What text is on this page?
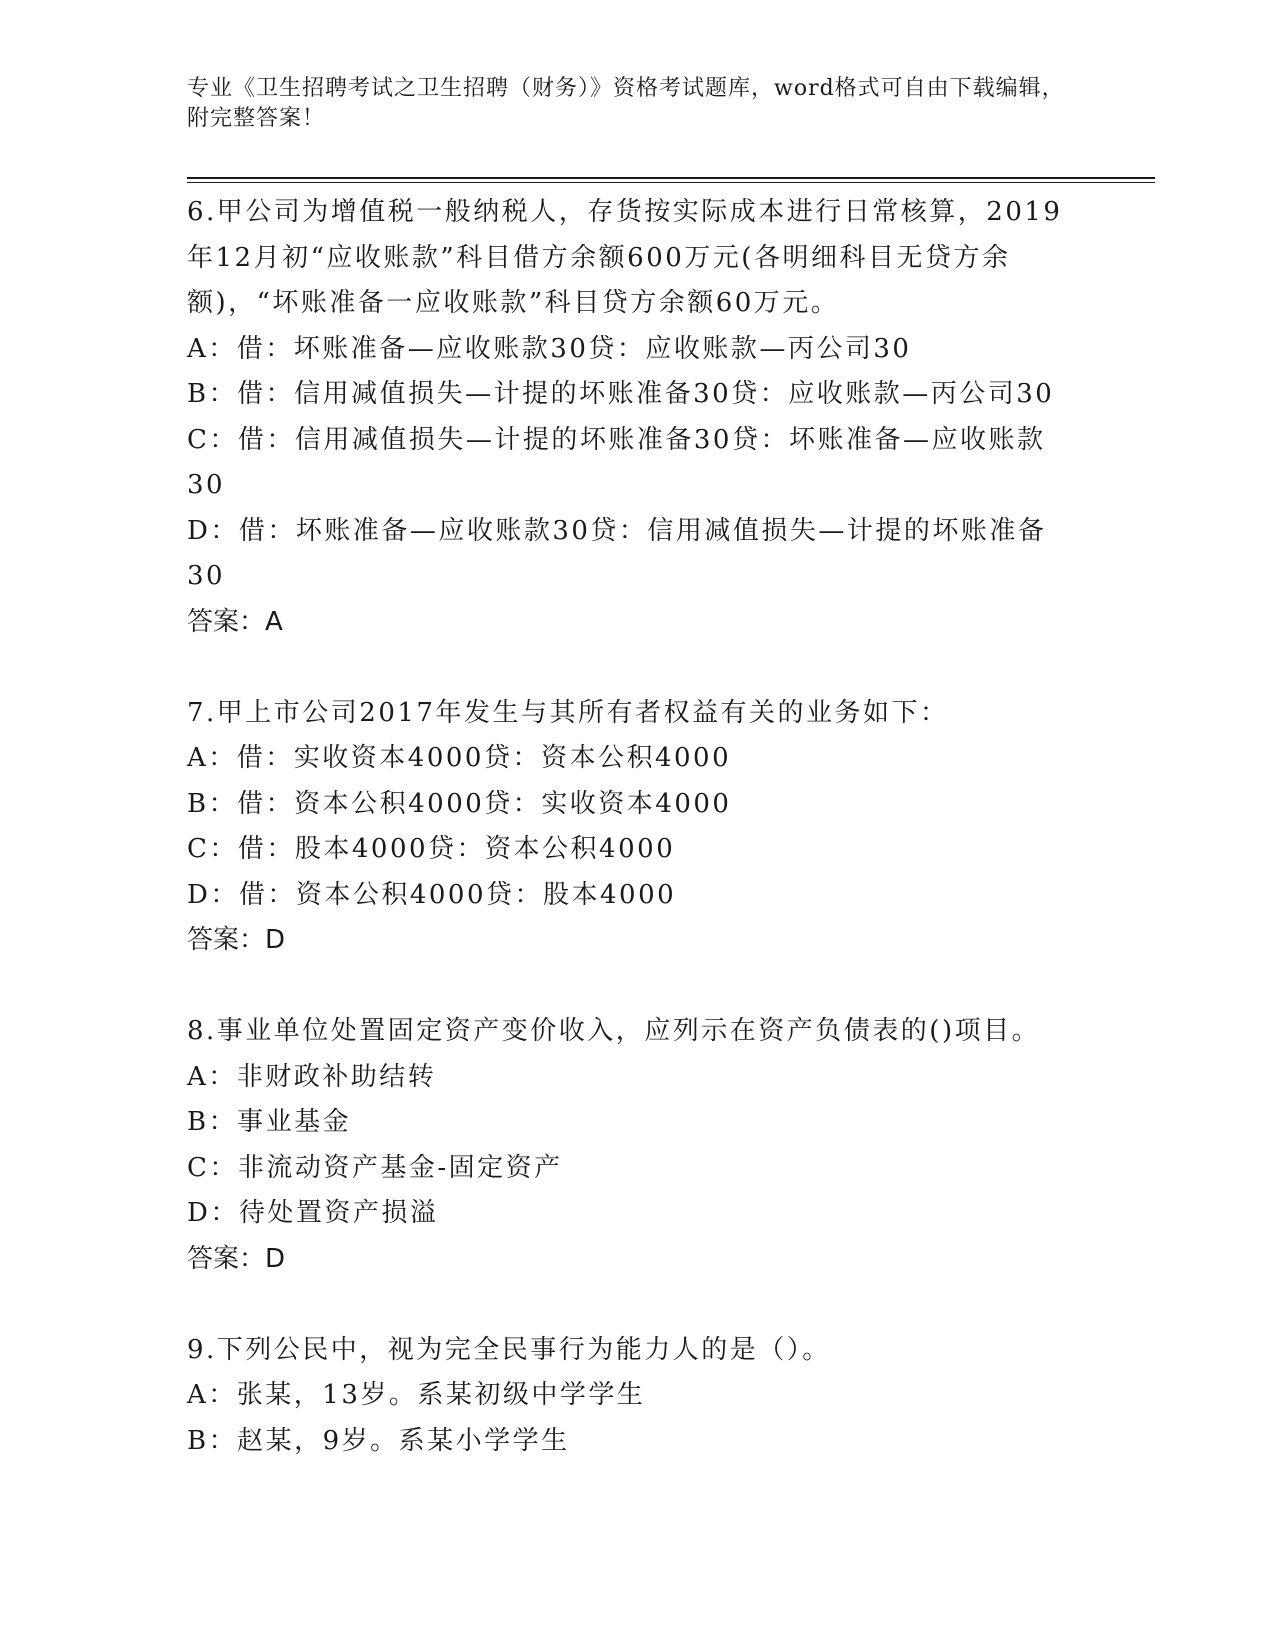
专业《卫生招聘考试之卫生招聘（财务）》资格考试题库，word格式可自由下载编辑，附完整答案！

6.甲公司为增值税一般纳税人，存货按实际成本进行日常核算，2019年12月初“应收账款”科目借方余额600万元(各明细科目无贷方余额)，“坏账准备一应收账款”科目贷方余额60万元。

A：借：坏账准备—应收账款30贷：应收账款—丙公司30

B：借：信用减值损失—计提的坏账准备30贷：应收账款—丙公司30

C：借：信用减值损失—计提的坏账准备30贷：坏账准备—应收账款30

D：借：坏账准备—应收账款30贷：信用减值损失—计提的坏账准备30

答案：A

7.甲上市公司2017年发生与其所有者权益有关的业务如下：

A：借：实收资本4000贷：资本公积4000

B：借：资本公积4000贷：实收资本4000

C：借：股本4000贷：资本公积4000

D：借：资本公积4000贷：股本4000

答案：D

8.事业单位处置固定资产变价收入，应列示在资产负债表的()项目。

A：非财政补助结转

B：事业基金

C：非流动资产基金-固定资产

D：待处置资产损溢

答案：D

9.下列公民中，视为完全民事行为能力人的是（）。

A：张某，13岁。系某初级中学学生

B：赵某，9岁。系某小学学生
